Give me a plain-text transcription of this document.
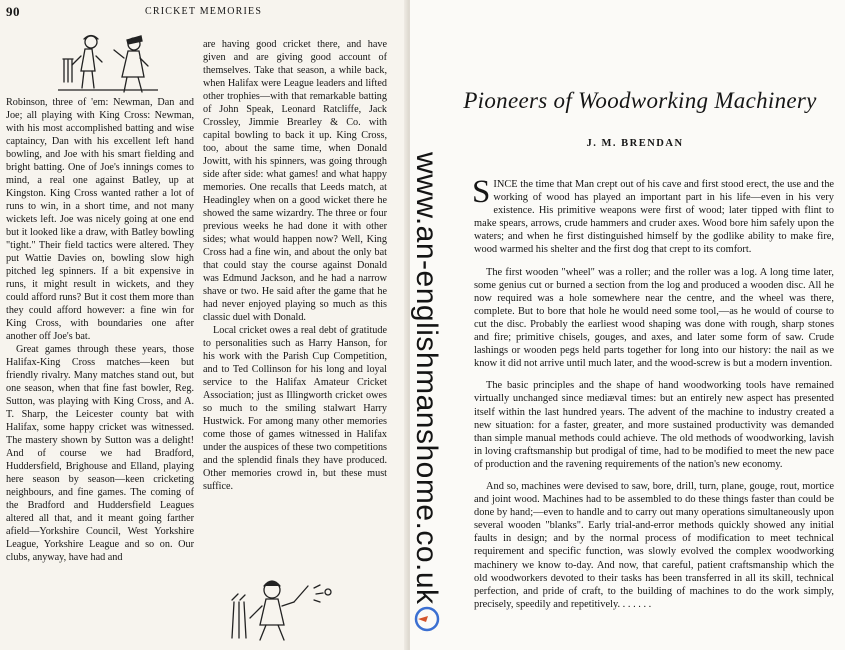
90	CRICKET MEMORIES

Robinson, three of 'em: Newman, Dan and Joe; all playing with King Cross: Newman, with his most accomplished batting and wise captaincy, Dan with his excellent left hand bowling, and Joe with his smart fielding and bright batting. One of Joe's innings comes to mind, a real one against Batley, up at Kingston. King Cross wanted rather a lot of runs to win, in a short time, and not many wickets left. Joe was nicely going at one end but it looked like a draw, with Batley bowling "tight." Their field tactics were altered. They put Wattie Davies on, bowling slow high pitched leg spinners. If a bit expensive in runs, it might result in wickets, and they could afford runs? But it cost them more than they could afford however: a fine win for King Cross, with boundaries one after another off Joe's bat.

Great games through these years, those Halifax-King Cross matches—keen but friendly rivalry. Many matches stand out, but one season, when that fine fast bowler, Reg. Sutton, was playing with King Cross, and A. T. Sharp, the Leicester county bat with Halifax, some happy cricket was witnessed. The mastery shown by Sutton was a delight! And of course we had Bradford, Huddersfield, Brighouse and Elland, playing here season by season—keen cricketing neighbours, and fine games. The coming of the Bradford and Huddersfield Leagues altered all that, and it meant going farther afield—Yorkshire Council, West Yorkshire League, Yorkshire League and so on. Our clubs, anyway, have had and

are having good cricket there, and have given and are giving good account of themselves. Take that season, a while back, when Halifax were League leaders and lifted other trophies—with that remarkable batting of John Speak, Leonard Ratcliffe, Jack Crossley, Jimmie Brearley & Co. with capital bowling to back it up. King Cross, too, about the same time, when Donald Jowitt, with his spinners, was going through side after side: what games! and what happy memories. One recalls that Leeds match, at Headingley when on a good wicket there he showed the same wizardry. The three or four previous weeks he had done it with other sides; what would happen now? Well, King Cross had a fine win, and about the only bat that could stay the course against Donald was Edmund Jackson, and he had a narrow shave or two. He said after the game that he had never enjoyed playing so much as this classic duel with Donald.

Local cricket owes a real debt of gratitude to personalities such as Harry Hanson, for his work with the Parish Cup Competition, and to Ted Collinson for his long and loyal service to the Halifax Amateur Cricket Association; just as Illingworth cricket owes so much to the smiling stalwart Harry Hustwick. For among many other memories come those of games witnessed in Halifax under the auspices of these two competitions and the splendid finals they have produced. Other memories crowd in, but these must suffice.

Pioneers of Woodworking Machinery
J. M. BRENDAN

SINCE the time that Man crept out of his cave and first stood erect, the use and the working of wood has played an important part in his life—even in his very existence. His primitive weapons were first of wood; later tipped with flint to make spears, arrows, crude hammers and cruder axes. Wood bore him safely upon the waters; and when he first distinguished himself by the godlike ability to make fire, wood warmed his shelter and the first dog that crept to its comfort.

The first wooden "wheel" was a roller; and the roller was a log. A long time later, some genius cut or burned a section from the log and produced a wooden disc. All he now required was a hole somewhere near the centre, and the wheel was there, complete. But to bore that hole he would need some tool,—as he would of course to cut the disc. Probably the earliest wood shaping was done with rough, sharp stones and fire; primitive chisels, gouges, and axes, and later some form of saw. Crude lashings or wooden pegs held parts together for long into our history: the nail as we know it did not arrive until much later, and the wood-screw is but a modern invention.

The basic principles and the shape of hand woodworking tools have remained virtually unchanged since mediæval times: but an entirely new aspect has presented itself within the last hundred years. The advent of the machine to industry created a new situation: for a faster, greater, and more sustained productivity was demanded than simple manual methods could achieve. The old methods of woodworking, lavish in loving craftsmanship but prodigal of time, had to be modified to meet the new pace of production and the ravening requirements of the nation's new economy.

And so, machines were devised to saw, bore, drill, turn, plane, gouge, rout, mortice and joint wood. Machines had to be assembled to do these things faster than could be done by hand;—even to handle and to carry out many operations simultaneously upon several wooden "blanks". Early trial-and-error methods quickly showed any initial faults in design; and by the normal process of modification to meet technical requirement and specific function, was slowly evolved the complex woodworking machinery we know to-day. And now, that careful, patient craftsmanship which the old woodworkers devoted to their tasks has been transferred in all its skill, technical perfection, and pride of craft, to the building of machines to do the work simply, precisely, speedily and repetitively. . . . . . .

www.an-englishmanshome.co.uk
